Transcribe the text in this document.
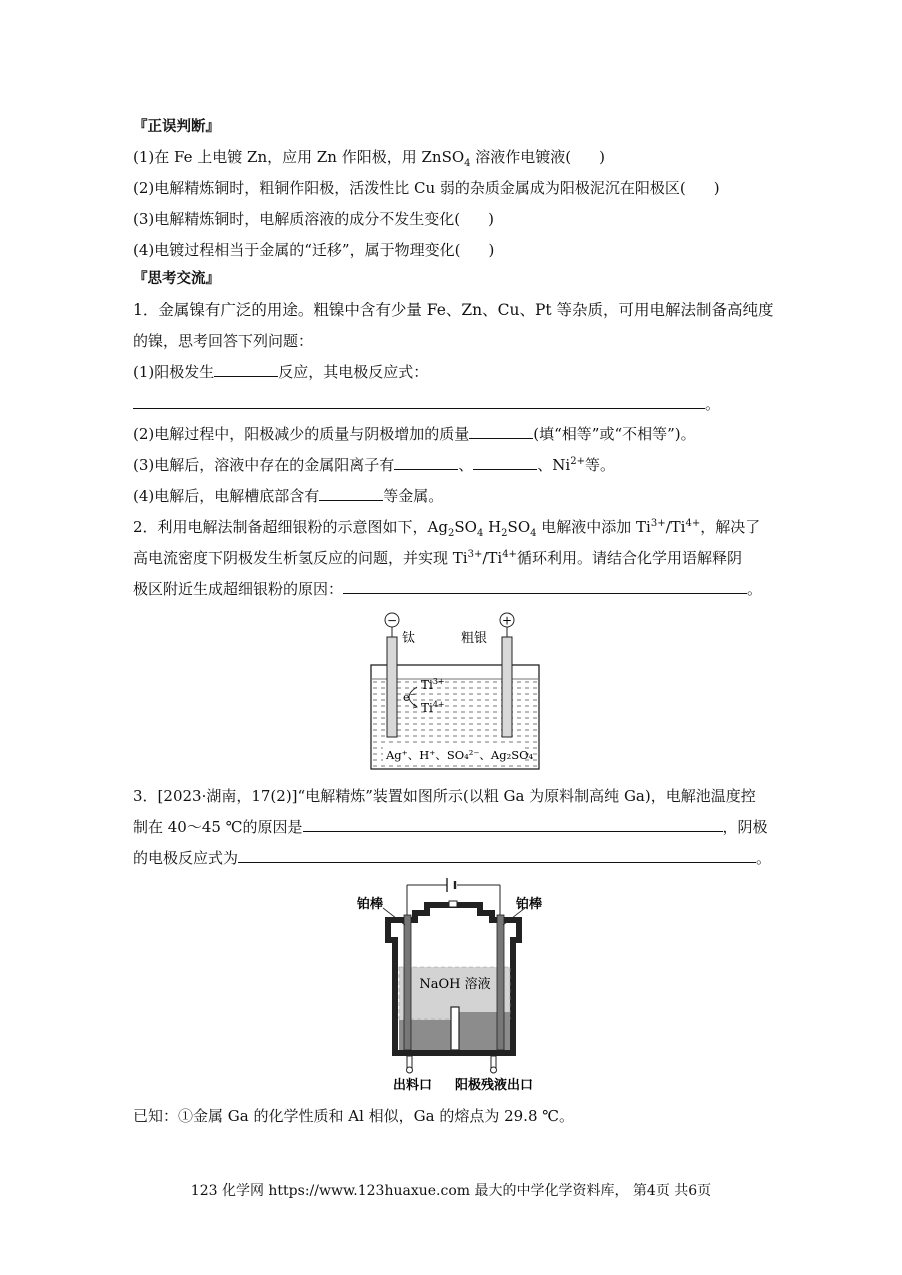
『正误判断』
(1)在 Fe 上电镀 Zn，应用 Zn 作阳极，用 ZnSO$_4$ 溶液作电镀液( )
(2)电解精炼铜时，粗铜作阳极，活泼性比 Cu 弱的杂质金属成为阳极泥沉在阳极区( )
(3)电解精炼铜时，电解质溶液的成分不发生变化( )
(4)电镀过程相当于金属的“迁移”，属于物理变化( )
『思考交流』
1．金属镍有广泛的用途。粗镍中含有少量 Fe、Zn、Cu、Pt 等杂质，可用电解法制备高纯度
的镍，思考回答下列问题：
(1)阳极发生	反应，其电极反应式：
。
(2)电解过程中，阳极减少的质量与阴极增加的质量	(填“相等”或“不相等”)。
(3)电解后，溶液中存在的金属阳离子有	、	、$Ni^{2+}$等。
(4)电解后，电解槽底部含有	等金属。
2．利用电解法制备超细银粉的示意图如下，$Ag_2SO_4$ $H_2SO_4$ 电解液中添加 $Ti^{3+}/Ti^{4+}$，解决了
高电流密度下阴极发生析氢反应的问题，并实现 $Ti^{3+}/Ti^{4+}$循环利用。请结合化学用语解释阴
极区附近生成超细银粉的原因：	。
−	+
钛	粗银
e−
$Ti^{3+}$
$Ti^{4+}$
Ag⁺、H⁺、SO₄²⁻、Ag₂SO₄
3．[2023·湖南，17(2)]“电解精炼”装置如图所示(以粗 Ga 为原料制高纯 Ga)，电解池温度控
制在 40～45 ℃的原因是	，阴极
的电极反应式为	。
铂棒	铂棒
NaOH 溶液
出料口 阳极残液出口
已知：①金属 Ga 的化学性质和 Al 相似，Ga 的熔点为 29.8 ℃。
123 化学网 https://www.123huaxue.com 最大的中学化学资料库， 第4页 共6页
